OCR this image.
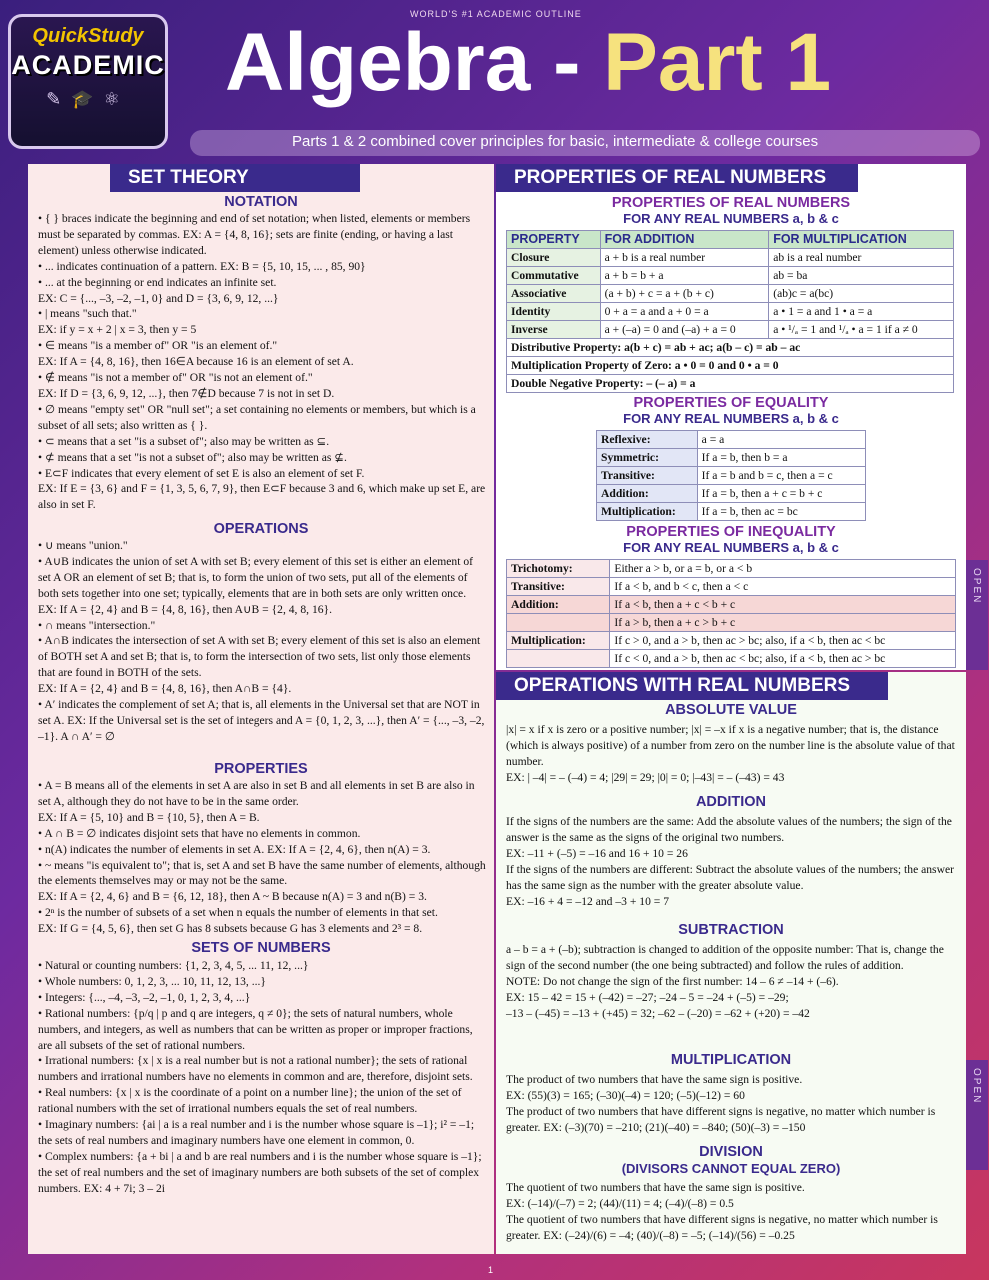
QuickStudy
ACADEMIC
✎🎓⚛
WORLD'S #1 ACADEMIC OUTLINE
Algebra - Part 1
Parts 1 & 2 combined cover principles for basic, intermediate & college courses
SET THEORY
NOTATION

• { } braces indicate the beginning and end of set notation; when listed, elements or members must be separated by commas. EX: A = {4, 8, 16}; sets are finite (ending, or having a last element) unless otherwise indicated.

• ... indicates continuation of a pattern. EX: B = {5, 10, 15, ... , 85, 90}

• ... at the beginning or end indicates an infinite set.

EX: C = {..., –3, –2, –1, 0} and D = {3, 6, 9, 12, ...}

• | means "such that."

EX: if y = x + 2 | x = 3, then y = 5

• ∈ means "is a member of" OR "is an element of."

EX: If A = {4, 8, 16}, then 16∈A because 16 is an element of set A.

• ∉ means "is not a member of" OR "is not an element of."

EX: If D = {3, 6, 9, 12, ...}, then 7∉D because 7 is not in set D.

• ∅ means "empty set" OR "null set"; a set containing no elements or members, but which is a subset of all sets; also written as { }.

• ⊂ means that a set "is a subset of"; also may be written as ⊆.

• ⊄ means that a set "is not a subset of"; also may be written as ⊈.

• E⊂F indicates that every element of set E is also an element of set F.

EX: If E = {3, 6} and F = {1, 3, 5, 6, 7, 9}, then E⊂F because 3 and 6, which make up set E, are also in set F.

OPERATIONS

• ∪ means "union."

• A∪B indicates the union of set A with set B; every element of this set is either an element of set A OR an element of set B; that is, to form the union of two sets, put all of the elements of both sets together into one set; typically, elements that are in both sets are only written once.

EX: If A = {2, 4} and B = {4, 8, 16}, then A∪B = {2, 4, 8, 16}.

• ∩ means "intersection."

• A∩B indicates the intersection of set A with set B; every element of this set is also an element of BOTH set A and set B; that is, to form the intersection of two sets, list only those elements that are found in BOTH of the sets.

EX: If A = {2, 4} and B = {4, 8, 16}, then A∩B = {4}.

• A′ indicates the complement of set A; that is, all elements in the Universal set that are NOT in set A. EX: If the Universal set is the set of integers and A = {0, 1, 2, 3, ...}, then A′ = {..., –3, –2, –1}. A ∩ A′ = ∅

PROPERTIES

• A = B means all of the elements in set A are also in set B and all elements in set B are also in set A, although they do not have to be in the same order.

EX: If A = {5, 10} and B = {10, 5}, then A = B.

• A ∩ B = ∅ indicates disjoint sets that have no elements in common.

• n(A) indicates the number of elements in set A. EX: If A = {2, 4, 6}, then n(A) = 3.

• ~ means "is equivalent to"; that is, set A and set B have the same number of elements, although the elements themselves may or may not be the same.

EX: If A = {2, 4, 6} and B = {6, 12, 18}, then A ~ B because n(A) = 3 and n(B) = 3.

• 2ⁿ is the number of subsets of a set when n equals the number of elements in that set.

EX: If G = {4, 5, 6}, then set G has 8 subsets because G has 3 elements and 2³ = 8.

SETS OF NUMBERS

• Natural or counting numbers: {1, 2, 3, 4, 5, ... 11, 12, ...}

• Whole numbers: 0, 1, 2, 3, ... 10, 11, 12, 13, ...}

• Integers: {..., –4, –3, –2, –1, 0, 1, 2, 3, 4, ...}

• Rational numbers: {p/q | p and q are integers, q ≠ 0}; the sets of natural numbers, whole numbers, and integers, as well as numbers that can be written as proper or improper fractions, are all subsets of the set of rational numbers.

• Irrational numbers: {x | x is a real number but is not a rational number}; the sets of rational numbers and irrational numbers have no elements in common and are, therefore, disjoint sets.

• Real numbers: {x | x is the coordinate of a point on a number line}; the union of the set of rational numbers with the set of irrational numbers equals the set of real numbers.

• Imaginary numbers: {ai | a is a real number and i is the number whose square is –1}; i² = –1; the sets of real numbers and imaginary numbers have one element in common, 0.

• Complex numbers: {a + bi | a and b are real numbers and i is the number whose square is –1}; the set of real numbers and the set of imaginary numbers are both subsets of the set of complex numbers. EX: 4 + 7i; 3 – 2i

PROPERTIES OF REAL NUMBERS
PROPERTIES OF REAL NUMBERS
FOR ANY REAL NUMBERS a, b & c
PROPERTY	FOR ADDITION	FOR MULTIPLICATION
Closure	a + b is a real number	ab is a real number
Commutative	a + b = b + a	ab = ba
Associative	(a + b) + c = a + (b + c)	(ab)c = a(bc)
Identity	0 + a = a and a + 0 = a	a • 1 = a and 1 • a = a
Inverse	a + (–a) = 0 and (–a) + a = 0	a • ¹/ₐ = 1 and ¹/ₐ • a = 1 if a ≠ 0
Distributive Property: a(b + c) = ab + ac; a(b – c) = ab – ac		
Multiplication Property of Zero: a • 0 = 0 and 0 • a = 0		
Double Negative Property: – (– a) = a		
PROPERTIES OF EQUALITY
FOR ANY REAL NUMBERS a, b & c
Reflexive:	a = a
Symmetric:	If a = b, then b = a
Transitive:	If a = b and b = c, then a = c
Addition:	If a = b, then a + c = b + c
Multiplication:	If a = b, then ac = bc
PROPERTIES OF INEQUALITY
FOR ANY REAL NUMBERS a, b & c
Trichotomy:	Either a > b, or a = b, or a < b
Transitive:	If a < b, and b < c, then a < c
Addition:	If a < b, then a + c < b + c
	If a > b, then a + c > b + c
Multiplication:	If c > 0, and a > b, then ac > bc; also, if a < b, then ac < bc
	If c < 0, and a > b, then ac < bc; also, if a < b, then ac > bc
OPERATIONS WITH REAL NUMBERS
ABSOLUTE VALUE

|x| = x if x is zero or a positive number; |x| = –x if x is a negative number; that is, the distance (which is always positive) of a number from zero on the number line is the absolute value of that number.

EX: | –4| = – (–4) = 4; |29| = 29; |0| = 0; |–43| = – (–43) = 43

ADDITION

If the signs of the numbers are the same: Add the absolute values of the numbers; the sign of the answer is the same as the signs of the original two numbers.

EX: –11 + (–5) = –16 and 16 + 10 = 26

If the signs of the numbers are different: Subtract the absolute values of the numbers; the answer has the same sign as the number with the greater absolute value.

EX: –16 + 4 = –12 and –3 + 10 = 7

SUBTRACTION

a – b = a + (–b); subtraction is changed to addition of the opposite number: That is, change the sign of the second number (the one being subtracted) and follow the rules of addition.

NOTE: Do not change the sign of the first number: 14 – 6 ≠ –14 + (–6).

EX: 15 – 42 = 15 + (–42) = –27; –24 – 5 = –24 + (–5) = –29;

–13 – (–45) = –13 + (+45) = 32; –62 – (–20) = –62 + (+20) = –42

MULTIPLICATION

The product of two numbers that have the same sign is positive.

EX: (55)(3) = 165; (–30)(–4) = 120; (–5)(–12) = 60

The product of two numbers that have different signs is negative, no matter which number is greater. EX: (–3)(70) = –210; (21)(–40) = –840; (50)(–3) = –150

DIVISION
(DIVISORS CANNOT EQUAL ZERO)

The quotient of two numbers that have the same sign is positive.

EX: (–14)/(–7) = 2; (44)/(11) = 4; (–4)/(–8) = 0.5

The quotient of two numbers that have different signs is negative, no matter which number is greater. EX: (–24)/(6) = –4; (40)/(–8) = –5; (–14)/(56) = –0.25

OPEN
OPEN
1
